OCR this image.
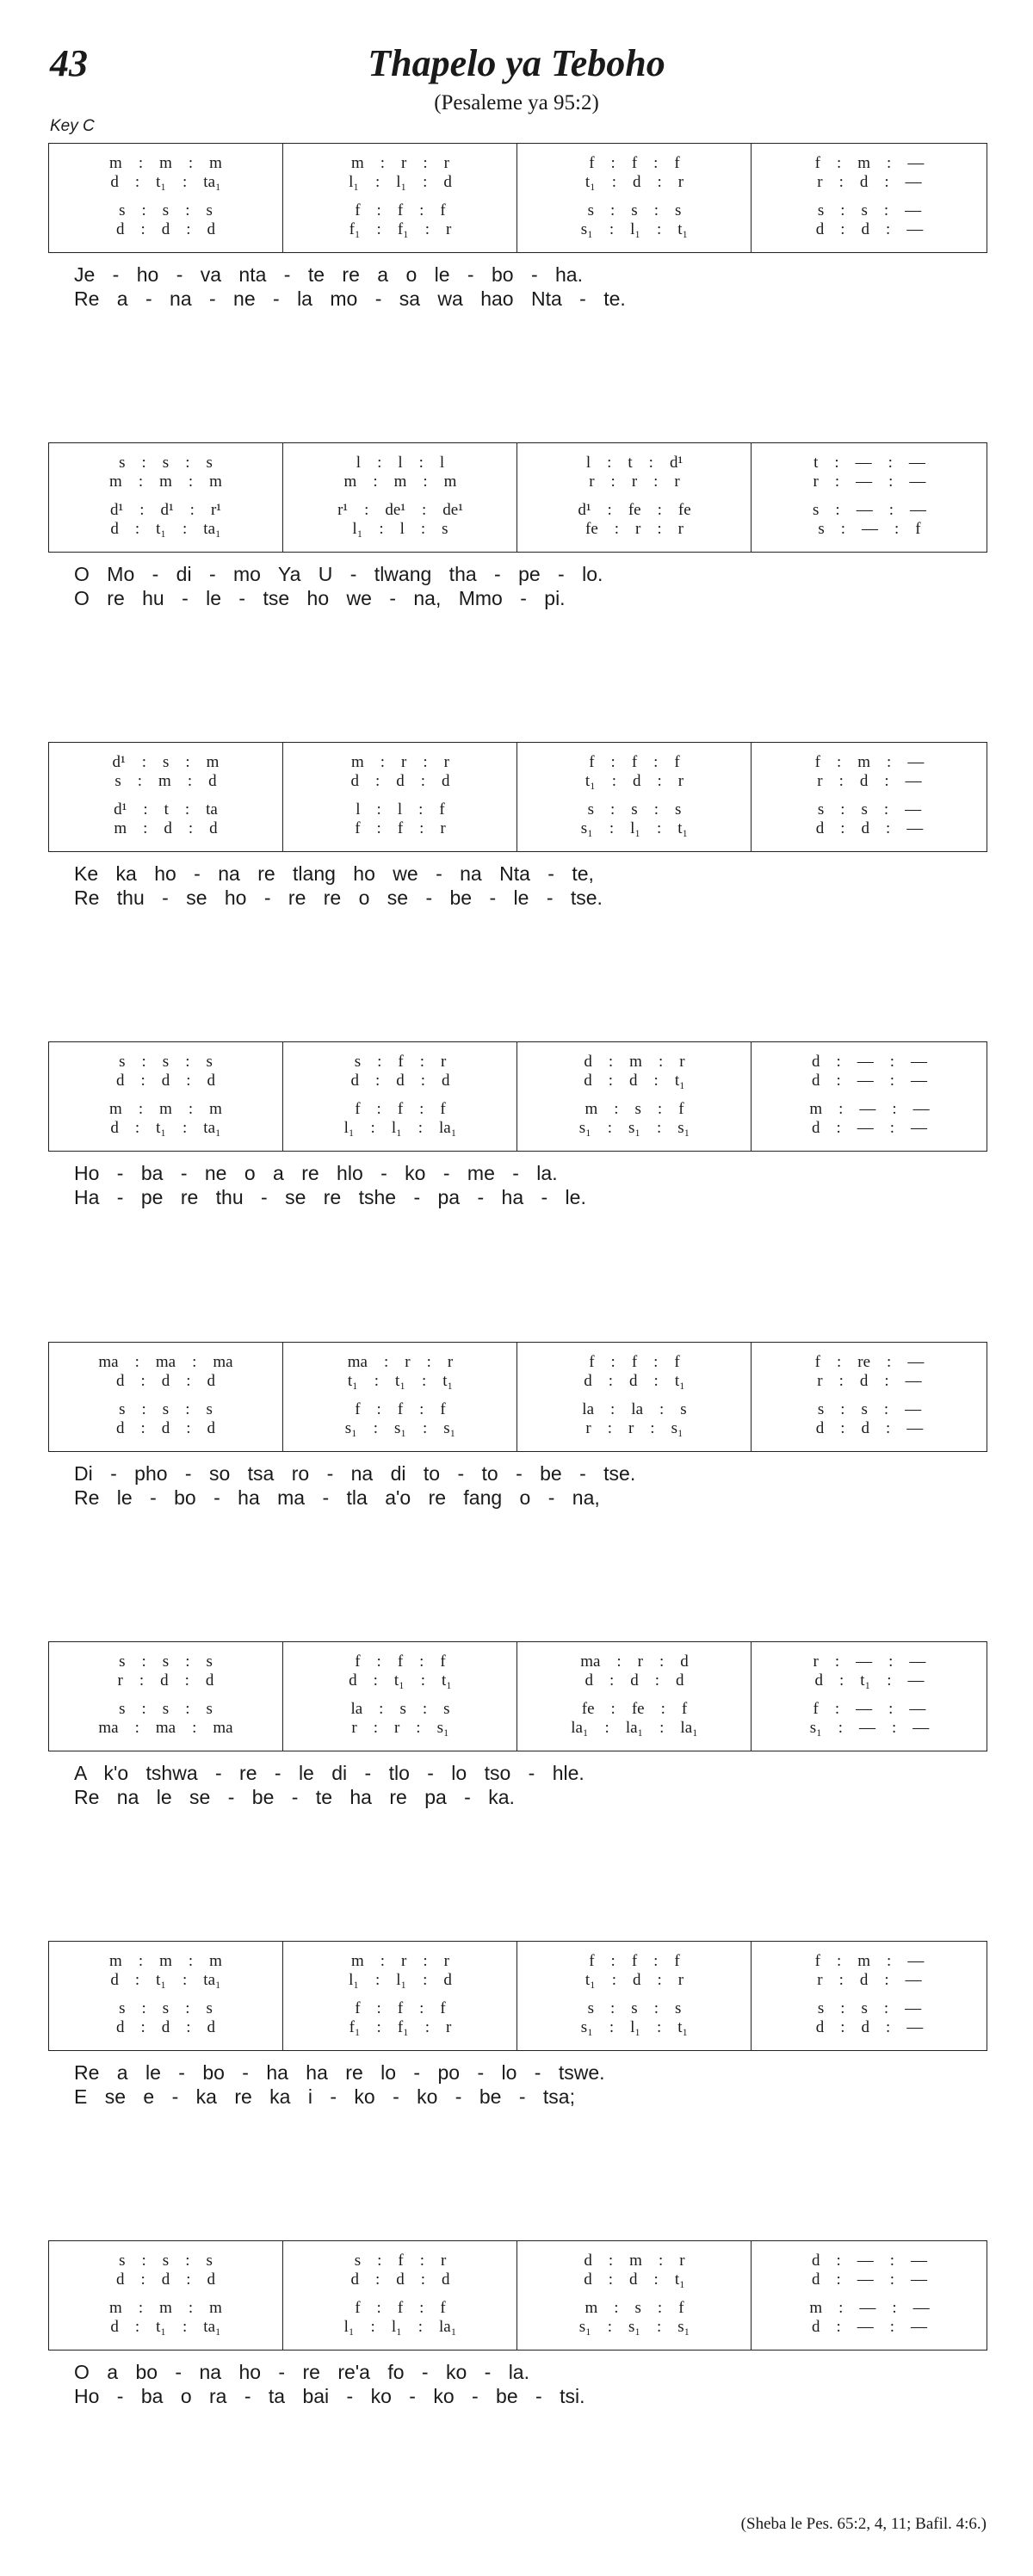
43	Thapelo ya Teboho
(Pesaleme ya 95:2)
Key C
m    :    m    :    m
d    :    t₁    :    ta₁
s    :    s    :    s
d    :    d    :    d
m    :    r    :    r
l₁    :    l₁    :    d
f    :    f    :    f
f₁    :    f₁    :    r
f    :    f    :    f
t₁    :    d    :    r
s    :    s    :    s
s₁    :    l₁    :    t₁
f    :    m    :    —
r    :    d    :    —
s    :    s    :    —
d    :    d    :    —
Je - ho - va nta - te re a o le - bo - ha.
Re a - na - ne - la mo - sa wa hao Nta - te.
s    :    s    :    s
m    :    m    :    m
d¹    :    d¹    :    r¹
d    :    t₁    :    ta₁
l    :    l    :    l
m    :    m    :    m
r¹    :    de¹    :    de¹
l₁    :    l    :    s
l    :    t    :    d¹
r    :    r    :    r
d¹    :    fe    :    fe
fe    :    r    :    r
t    :    —    :    —
r    :    —    :    —
s    :    —    :    —
s    :    —    :    f
O Mo - di - mo Ya U - tlwang tha - pe - lo.
O re hu - le - tse ho we - na, Mmo - pi.
d¹    :    s    :    m
s    :    m    :    d
d¹    :    t    :    ta
m    :    d    :    d
m    :    r    :    r
d    :    d    :    d
l    :    l    :    f
f    :    f    :    r
f    :    f    :    f
t₁    :    d    :    r
s    :    s    :    s
s₁    :    l₁    :    t₁
f    :    m    :    —
r    :    d    :    —
s    :    s    :    —
d    :    d    :    —
Ke ka ho - na re tlang ho we - na Nta - te,
Re thu - se ho - re re o se - be - le - tse.
s    :    s    :    s
d    :    d    :    d
m    :    m    :    m
d    :    t₁    :    ta₁
s    :    f    :    r
d    :    d    :    d
f    :    f    :    f
l₁    :    l₁    :    la₁
d    :    m    :    r
d    :    d    :    t₁
m    :    s    :    f
s₁    :    s₁    :    s₁
d    :    —    :    —
d    :    —    :    —
m    :    —    :    —
d    :    —    :    —
Ho - ba - ne o a re hlo - ko - me - la.
Ha - pe re thu - se re tshe - pa - ha - le.
ma    :    ma    :    ma
d    :    d    :    d
s    :    s    :    s
d    :    d    :    d
ma    :    r    :    r
t₁    :    t₁    :    t₁
f    :    f    :    f
s₁    :    s₁    :    s₁
f    :    f    :    f
d    :    d    :    t₁
la    :    la    :    s
r    :    r    :    s₁
f    :    re    :    —
r    :    d    :    —
s    :    s    :    —
d    :    d    :    —
Di - pho - so tsa ro - na di to - to - be - tse.
Re le - bo - ha ma - tla a'o re fang o - na,
s    :    s    :    s
r    :    d    :    d
s    :    s    :    s
ma    :    ma    :    ma
f    :    f    :    f
d    :    t₁    :    t₁
la    :    s    :    s
r    :    r    :    s₁
ma    :    r    :    d
d    :    d    :    d
fe    :    fe    :    f
la₁    :    la₁    :    la₁
r    :    —    :    —
d    :    t₁    :    —
f    :    —    :    —
s₁    :    —    :    —
A k'o tshwa - re - le di - tlo - lo tso - hle.
Re na le se - be - te ha re pa - ka.
m    :    m    :    m
d    :    t₁    :    ta₁
s    :    s    :    s
d    :    d    :    d
m    :    r    :    r
l₁    :    l₁    :    d
f    :    f    :    f
f₁    :    f₁    :    r
f    :    f    :    f
t₁    :    d    :    r
s    :    s    :    s
s₁    :    l₁    :    t₁
f    :    m    :    —
r    :    d    :    —
s    :    s    :    —
d    :    d    :    —
Re a le - bo - ha ha re lo - po - lo - tswe.
E se e - ka re ka i - ko - ko - be - tsa;
s    :    s    :    s
d    :    d    :    d
m    :    m    :    m
d    :    t₁    :    ta₁
s    :    f    :    r
d    :    d    :    d
f    :    f    :    f
l₁    :    l₁    :    la₁
d    :    m    :    r
d    :    d    :    t₁
m    :    s    :    f
s₁    :    s₁    :    s₁
d    :    —    :    —
d    :    —    :    —
m    :    —    :    —
d    :    —    :    —
O a bo - na ho - re re'a fo - ko - la.
Ho - ba o ra - ta bai - ko - ko - be - tsi.
(Sheba le Pes. 65:2, 4, 11; Bafil. 4:6.)
